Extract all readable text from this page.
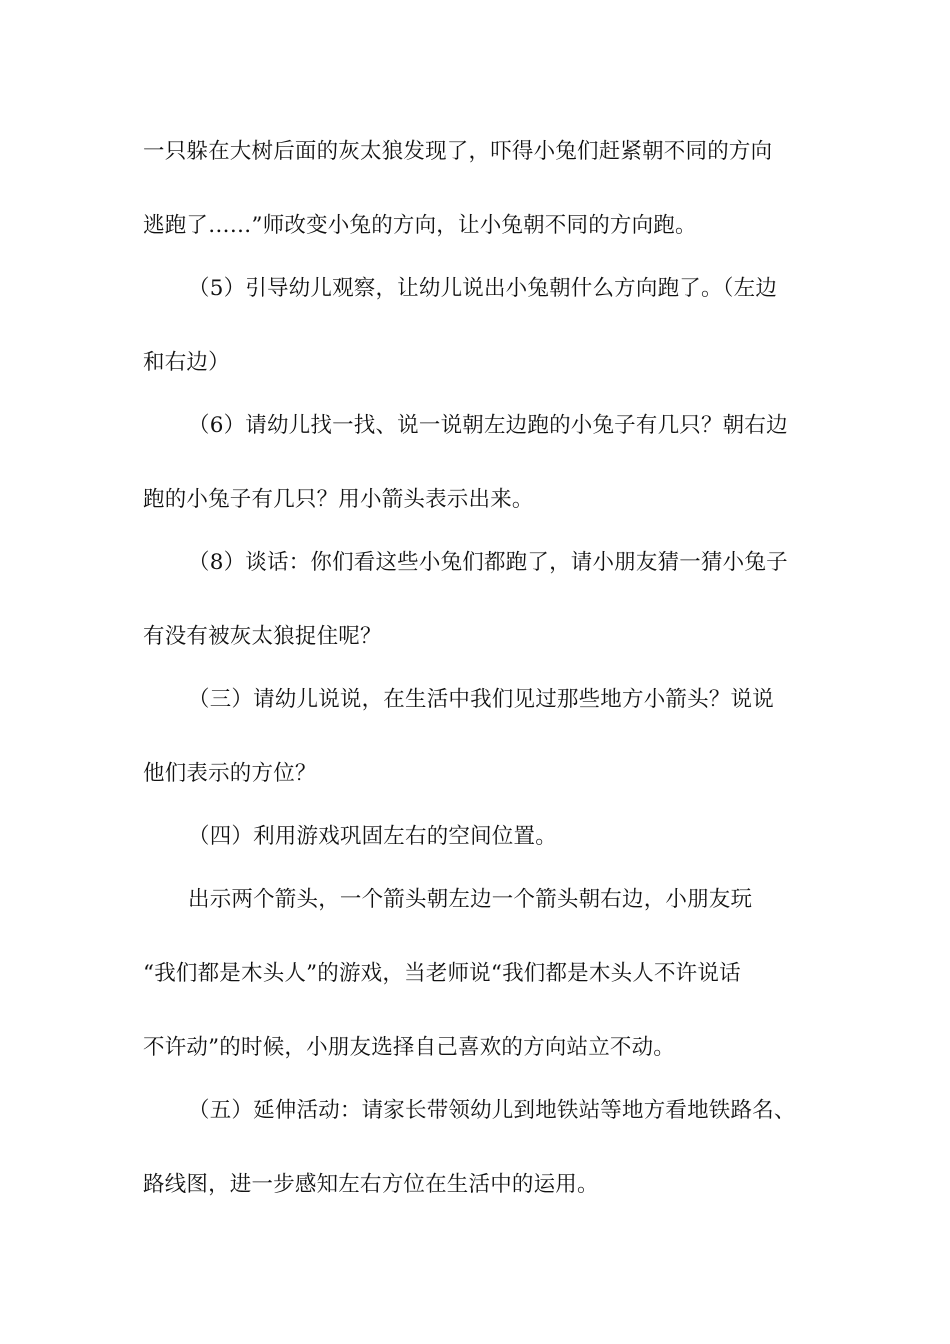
一只躲在大树后面的灰太狼发现了，吓得小兔们赶紧朝不同的方向

逃跑了……”师改变小兔的方向，让小兔朝不同的方向跑。

（5）引导幼儿观察，让幼儿说出小兔朝什么方向跑了。（左边

和右边）

（6）请幼儿找一找、说一说朝左边跑的小兔子有几只？朝右边

跑的小兔子有几只？用小箭头表示出来。

（8）谈话：你们看这些小兔们都跑了，请小朋友猜一猜小兔子

有没有被灰太狼捉住呢？

（三）请幼儿说说，在生活中我们见过那些地方小箭头？说说

他们表示的方位？

（四）利用游戏巩固左右的空间位置。

出示两个箭头，一个箭头朝左边一个箭头朝右边，小朋友玩

“我们都是木头人”的游戏，当老师说“我们都是木头人不许说话

不许动”的时候，小朋友选择自己喜欢的方向站立不动。

（五）延伸活动：请家长带领幼儿到地铁站等地方看地铁路名、

路线图，进一步感知左右方位在生活中的运用。
